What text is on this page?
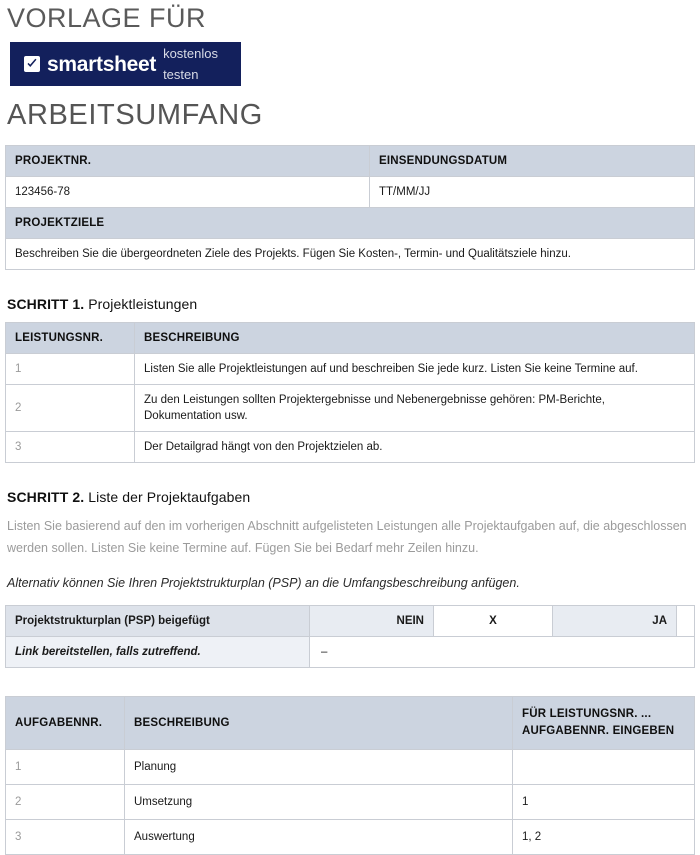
VORLAGE FÜR
smartsheet kostenlos testen
ARBEITSUMFANG
PROJEKTNR.	EINSENDUNGSDATUM
123456-78	TT/MM/JJ
PROJEKTZIELE	
Beschreiben Sie die übergeordneten Ziele des Projekts. Fügen Sie Kosten-, Termin- und Qualitätsziele hinzu.	
SCHRITT 1. Projektleistungen
LEISTUNGSNR.	BESCHREIBUNG
1	Listen Sie alle Projektleistungen auf und beschreiben Sie jede kurz. Listen Sie keine Termine auf.
2	Zu den Leistungen sollten Projektergebnisse und Nebenergebnisse gehören: PM-Berichte, Dokumentation usw.
3	Der Detailgrad hängt von den Projektzielen ab.
SCHRITT 2. Liste der Projektaufgaben
Listen Sie basierend auf den im vorherigen Abschnitt aufgelisteten Leistungen alle Projektaufgaben auf, die abgeschlossen werden sollen. Listen Sie keine Termine auf. Fügen Sie bei Bedarf mehr Zeilen hinzu.
Alternativ können Sie Ihren Projektstrukturplan (PSP) an die Umfangsbeschreibung anfügen.
Projektstrukturplan (PSP) beigefügt	NEIN	X	JA	
Link bereitstellen, falls zutreffend.	–			
AUFGABENNR.	BESCHREIBUNG	FÜR LEISTUNGSNR. ...
AUFGABENNR. EINGEBEN

1	Planung	
2	Umsetzung	1
3	Auswertung	1, 2
